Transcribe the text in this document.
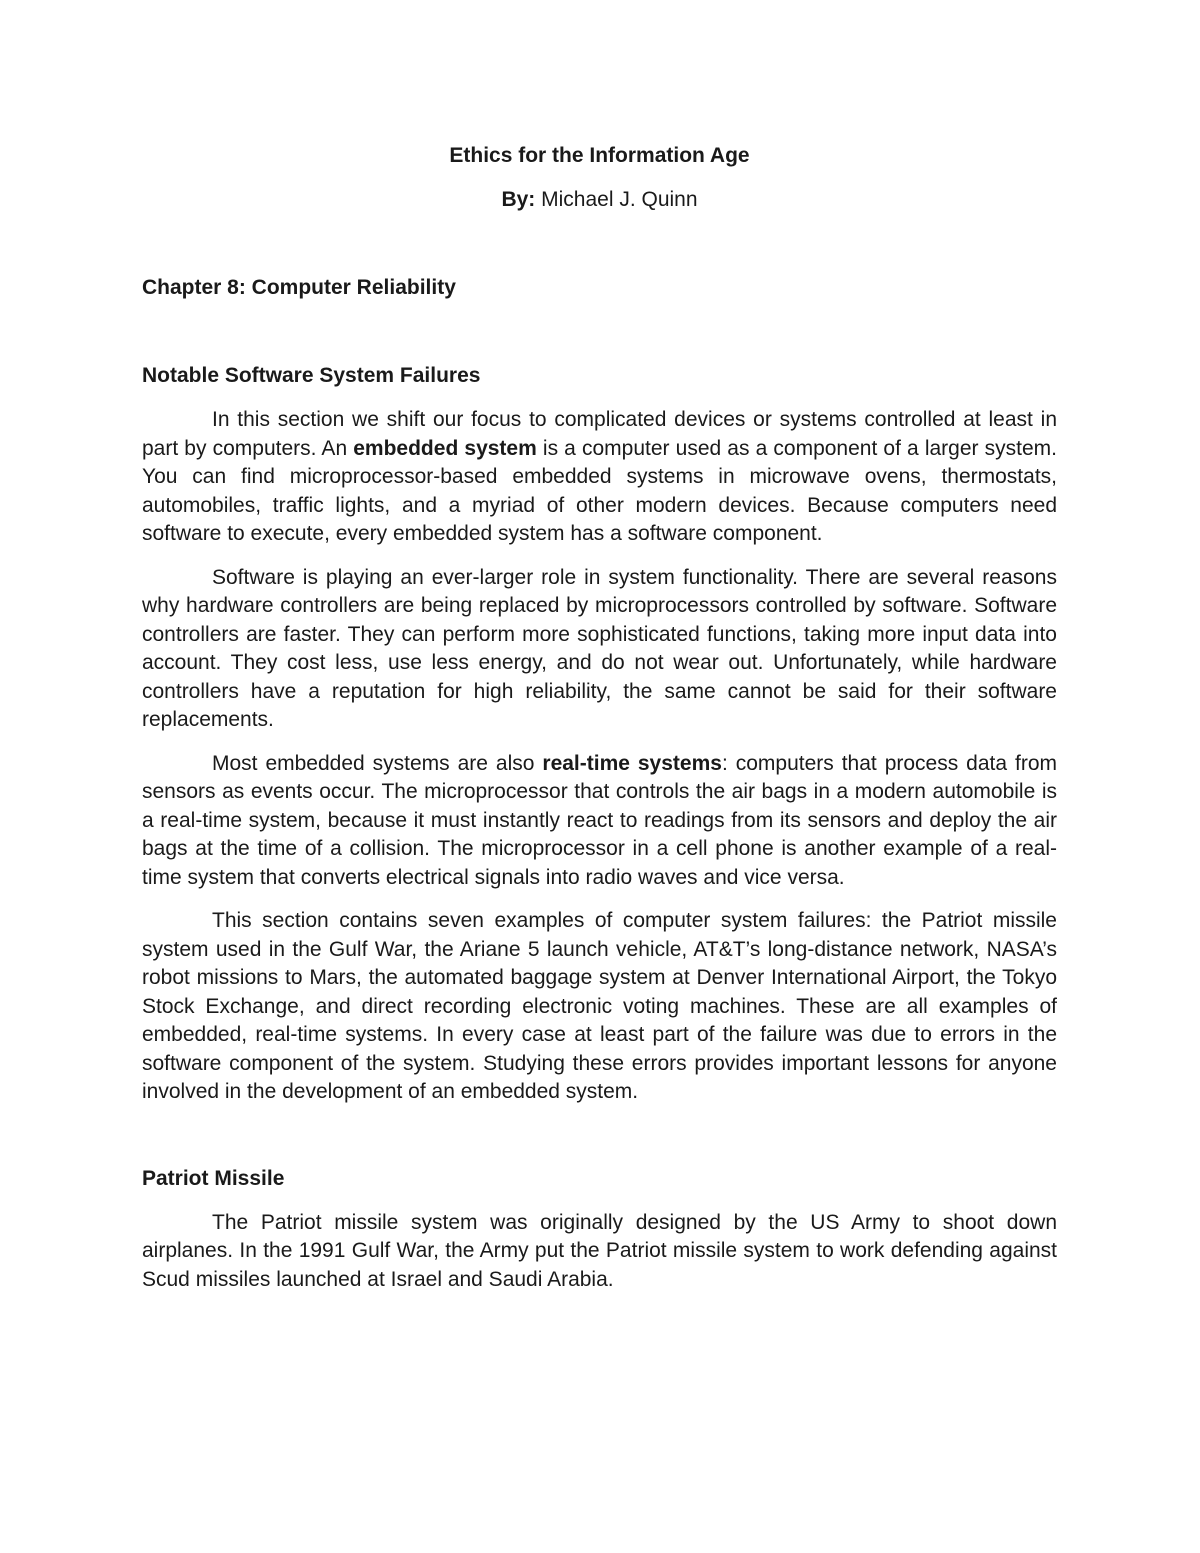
Ethics for the Information Age
By: Michael J. Quinn
Chapter 8: Computer Reliability
Notable Software System Failures

In this section we shift our focus to complicated devices or systems controlled at least in part by computers. An embedded system is a computer used as a component of a larger system. You can find microprocessor-based embedded systems in microwave ovens, thermostats, automobiles, traffic lights, and a myriad of other modern devices. Because computers need software to execute, every embedded system has a software component.

Software is playing an ever-larger role in system functionality. There are several reasons why hardware controllers are being replaced by microprocessors controlled by software. Software controllers are faster. They can perform more sophisticated functions, taking more input data into account. They cost less, use less energy, and do not wear out. Unfortunately, while hardware controllers have a reputation for high reliability, the same cannot be said for their software replacements.

Most embedded systems are also real-time systems: computers that process data from sensors as events occur. The microprocessor that controls the air bags in a modern automobile is a real-time system, because it must instantly react to readings from its sensors and deploy the air bags at the time of a collision. The microprocessor in a cell phone is another example of a real-time system that converts electrical signals into radio waves and vice versa.

This section contains seven examples of computer system failures: the Patriot missile system used in the Gulf War, the Ariane 5 launch vehicle, AT&T’s long-distance network, NASA’s robot missions to Mars, the automated baggage system at Denver International Airport, the Tokyo Stock Exchange, and direct recording electronic voting machines. These are all examples of embedded, real-time systems. In every case at least part of the failure was due to errors in the software component of the system. Studying these errors provides important lessons for anyone involved in the development of an embedded system.

Patriot Missile

The Patriot missile system was originally designed by the US Army to shoot down airplanes. In the 1991 Gulf War, the Army put the Patriot missile system to work defending against Scud missiles launched at Israel and Saudi Arabia.
